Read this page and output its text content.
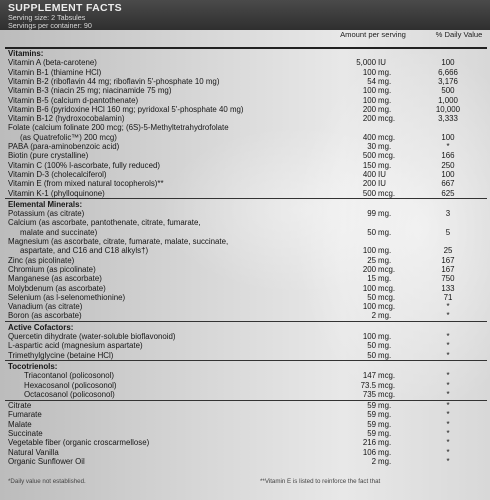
SUPPLEMENT FACTS
Serving size: 2 Tabsules
Servings per container: 90
Amount per serving	% Daily Value
Vitamins:
Vitamin A (beta-carotene)	5,000 IU	100
Vitamin B-1 (thiamine HCl)	100 mg.	6,666
Vitamin B-2 (riboflavin 44 mg; riboflavin 5'-phosphate 10 mg)	54 mg.	3,176
Vitamin B-3 (niacin 25 mg; niacinamide 75 mg)	100 mg.	500
Vitamin B-5 (calcium d-pantothenate)	100 mg.	1,000
Vitamin B-6 (pyridoxine HCl 160 mg; pyridoxal 5'-phosphate 40 mg)	200 mg.	10,000
Vitamin B-12 (hydroxocobalamin)	200 mcg.	3,333
Folate (calcium folinate 200 mcg; (6S)-5-Methyltetrahydrofolate
(as Quatrefolic™) 200 mcg)	400 mcg.	100
PABA (para-aminobenzoic acid)	30 mg.	*
Biotin (pure crystalline)	500 mcg.	166
Vitamin C (100% l-ascorbate, fully reduced)	150 mg.	250
Vitamin D-3 (cholecalciferol)	400 IU	100
Vitamin E (from mixed natural tocopherols)**	200 IU	667
Vitamin K-1 (phylloquinone)	500 mcg.	625
Elemental Minerals:
Potassium (as citrate)	99 mg.	3
Calcium (as ascorbate, pantothenate, citrate, fumarate,
malate and succinate)	50 mg.	5
Magnesium (as ascorbate, citrate, fumarate, malate, succinate,
aspartate, and C16 and C18 alkyls†)	100 mg.	25
Zinc (as picolinate)	25 mg.	167
Chromium (as picolinate)	200 mcg.	167
Manganese (as ascorbate)	15 mg.	750
Molybdenum (as ascorbate)	100 mcg.	133
Selenium (as l-selenomethionine)	50 mcg.	71
Vanadium (as citrate)	100 mcg.	*
Boron (as ascorbate)	2 mg.	*
Active Cofactors:
Quercetin dihydrate (water-soluble bioflavonoid)	100 mg.	*
L-aspartic acid (magnesium aspartate)	50 mg.	*
Trimethylglycine (betaine HCl)	50 mg.	*
Tocotrienols:
Triacontanol (policosonol)	147 mcg.	*
Hexacosanol (policosonol)	73.5 mcg.	*
Octacosanol (policosonol)	735 mcg.	*
Citrate	59 mg.	*
Fumarate	59 mg.	*
Malate	59 mg.	*
Succinate	59 mg.	*
Vegetable fiber (organic croscarmellose)	216 mg.	*
Natural Vanilla	106 mg.	*
Organic Sunflower Oil	2 mg.	*
*Daily value not established.	**Vitamin E is listed to reinforce the fact that
